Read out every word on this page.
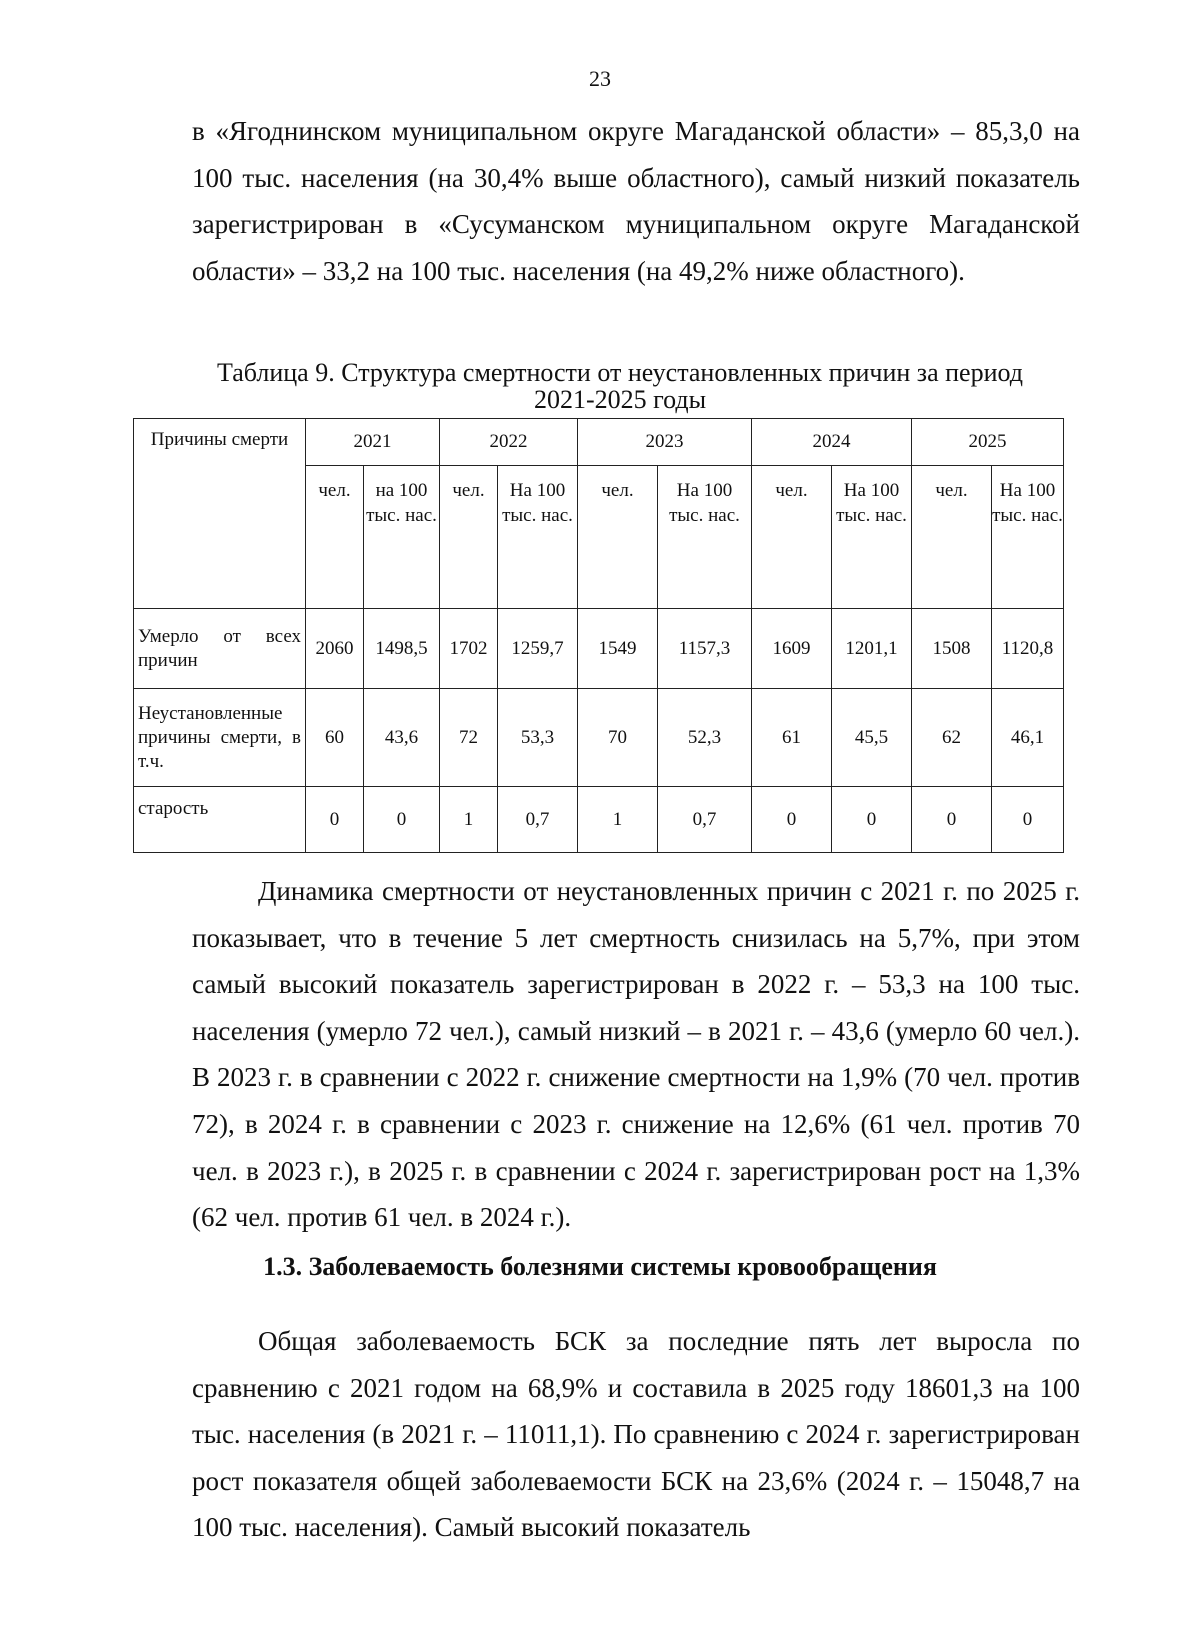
23

в «Ягоднинском муниципальном округе Магаданской области» – 85,3,0 на 100 тыс. населения (на 30,4% выше областного), самый низкий показатель зарегистрирован в «Сусуманском муниципальном округе Магаданской области» – 33,2 на 100 тыс. населения (на 49,2% ниже областного).

Таблица 9. Структура смертности от неустановленных причин за период
2021-2025 годы
Причины смерти	2021		2022		2023		2024		2025	
	чел.	на 100 тыс. нас.	чел.	На 100 тыс. нас.	чел.	На 100 тыс. нас.	чел.	На 100 тыс. нас.	чел.	На 100 тыс. нас.
Умерло от всех причин	2060	1498,5	1702	1259,7	1549	1157,3	1609	1201,1	1508	1120,8
Неустановленные причины смерти, в т.ч.	60	43,6	72	53,3	70	52,3	61	45,5	62	46,1
старость	0	0	1	0,7	1	0,7	0	0	0	0

Динамика смертности от неустановленных причин с 2021 г. по 2025 г. показывает, что в течение 5 лет смертность снизилась на 5,7%, при этом самый высокий показатель зарегистрирован в 2022 г. – 53,3 на 100 тыс. населения (умерло 72 чел.), самый низкий – в 2021 г. – 43,6 (умерло 60 чел.). В 2023 г. в сравнении с 2022 г. снижение смертности на 1,9% (70 чел. против 72), в 2024 г. в сравнении с 2023 г. снижение на 12,6% (61 чел. против 70 чел. в 2023 г.), в 2025 г. в сравнении с 2024 г. зарегистрирован рост на 1,3% (62 чел. против 61 чел. в 2024 г.).

1.3. Заболеваемость болезнями системы кровообращения

Общая заболеваемость БСК за последние пять лет выросла по сравнению с 2021 годом на 68,9% и составила в 2025 году 18601,3 на 100 тыс. населения (в 2021 г. – 11011,1). По сравнению с 2024 г. зарегистрирован рост показателя общей заболеваемости БСК на 23,6% (2024 г. – 15048,7 на 100 тыс. населения). Самый высокий показатель
